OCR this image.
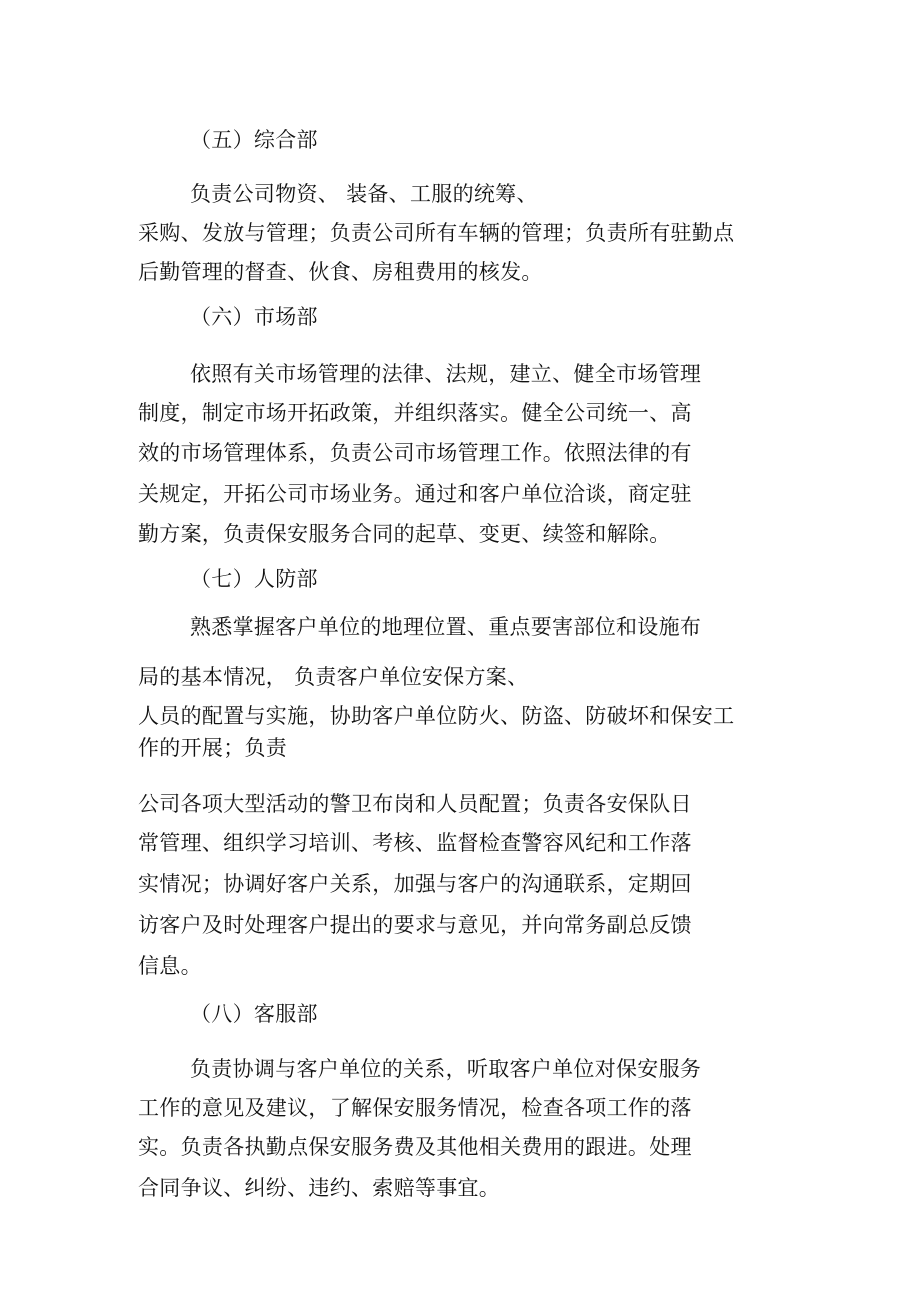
（五）综合部
负责公司物资、 装备、工服的统筹、
采购、发放与管理；负责公司所有车辆的管理；负责所有驻勤点
后勤管理的督查、伙食、房租费用的核发。
（六）市场部
依照有关市场管理的法律、法规，建立、健全市场管理
制度，制定市场开拓政策，并组织落实。健全公司统一、高
效的市场管理体系，负责公司市场管理工作。依照法律的有
关规定，开拓公司市场业务。通过和客户单位洽谈，商定驻
勤方案，负责保安服务合同的起草、变更、续签和解除。
（七）人防部
熟悉掌握客户单位的地理位置、重点要害部位和设施布
局的基本情况， 负责客户单位安保方案、
人员的配置与实施，协助客户单位防火、防盗、防破坏和保安工
作的开展；负责
公司各项大型活动的警卫布岗和人员配置；负责各安保队日
常管理、组织学习培训、考核、监督检查警容风纪和工作落
实情况；协调好客户关系，加强与客户的沟通联系，定期回
访客户及时处理客户提出的要求与意见，并向常务副总反馈
信息。
（八）客服部
负责协调与客户单位的关系，听取客户单位对保安服务
工作的意见及建议，了解保安服务情况，检查各项工作的落
实。负责各执勤点保安服务费及其他相关费用的跟进。处理
合同争议、纠纷、违约、索赔等事宜。
